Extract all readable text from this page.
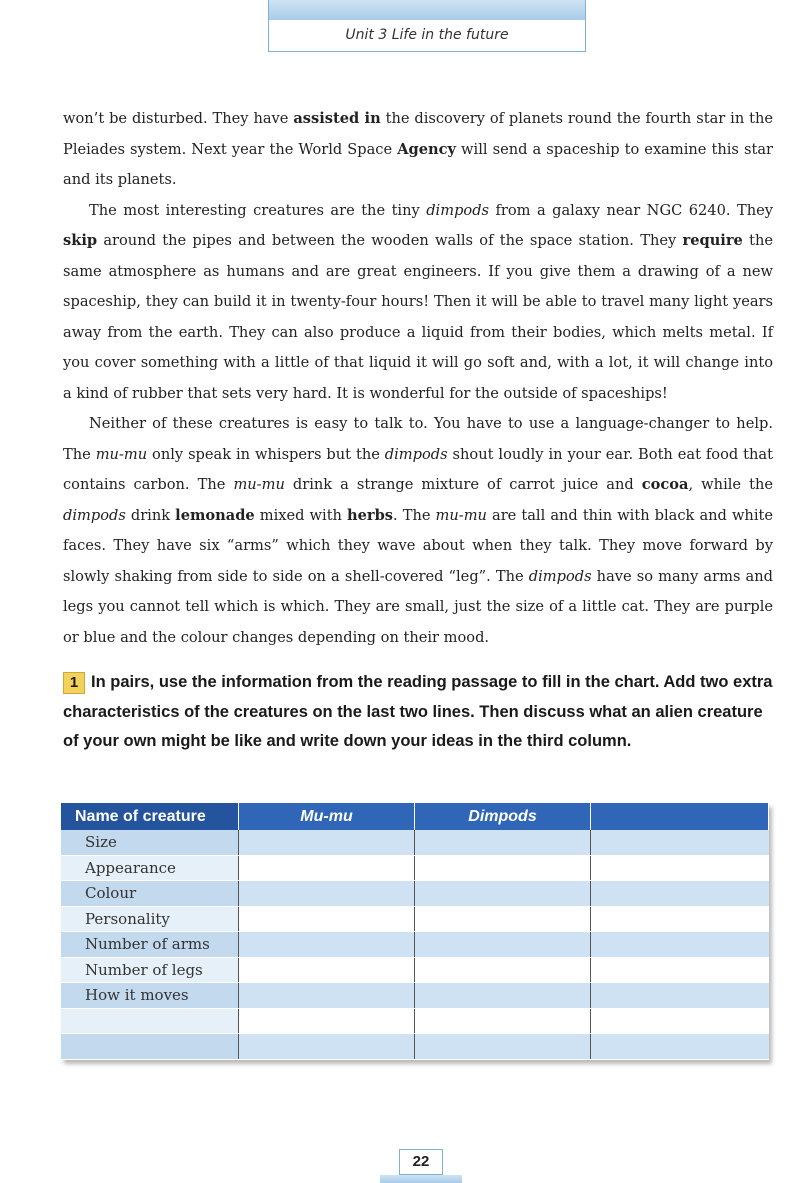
Unit 3 Life in the future

won’t be disturbed. They have assisted in the discovery of planets round the fourth star in the Pleiades system. Next year the World Space Agency will send a spaceship to examine this star and its planets.

The most interesting creatures are the tiny dimpods from a galaxy near NGC 6240. They skip around the pipes and between the wooden walls of the space station. They require the same atmosphere as humans and are great engineers. If you give them a drawing of a new spaceship, they can build it in twenty-four hours! Then it will be able to travel many light years away from the earth. They can also produce a liquid from their bodies, which melts metal. If you cover something with a little of that liquid it will go soft and, with a lot, it will change into a kind of rubber that sets very hard. It is wonderful for the outside of spaceships!

Neither of these creatures is easy to talk to. You have to use a language-changer to help. The mu-mu only speak in whispers but the dimpods shout loudly in your ear. Both eat food that contains carbon. The mu-mu drink a strange mixture of carrot juice and cocoa, while the dimpods drink lemonade mixed with herbs. The mu-mu are tall and thin with black and white faces. They have six “arms” which they wave about when they talk. They move forward by slowly shaking from side to side on a shell-covered “leg”. The dimpods have so many arms and legs you cannot tell which is which. They are small, just the size of a little cat. They are purple or blue and the colour changes depending on their mood.

1 In pairs, use the information from the reading passage to fill in the chart. Add two extra characteristics of the creatures on the last two lines. Then discuss what an alien creature of your own might be like and write down your ideas in the third column.
Name of creature	Mu-mu	Dimpods	
Size			
Appearance			
Colour			
Personality			
Number of arms			
Number of legs			
How it moves			

22
